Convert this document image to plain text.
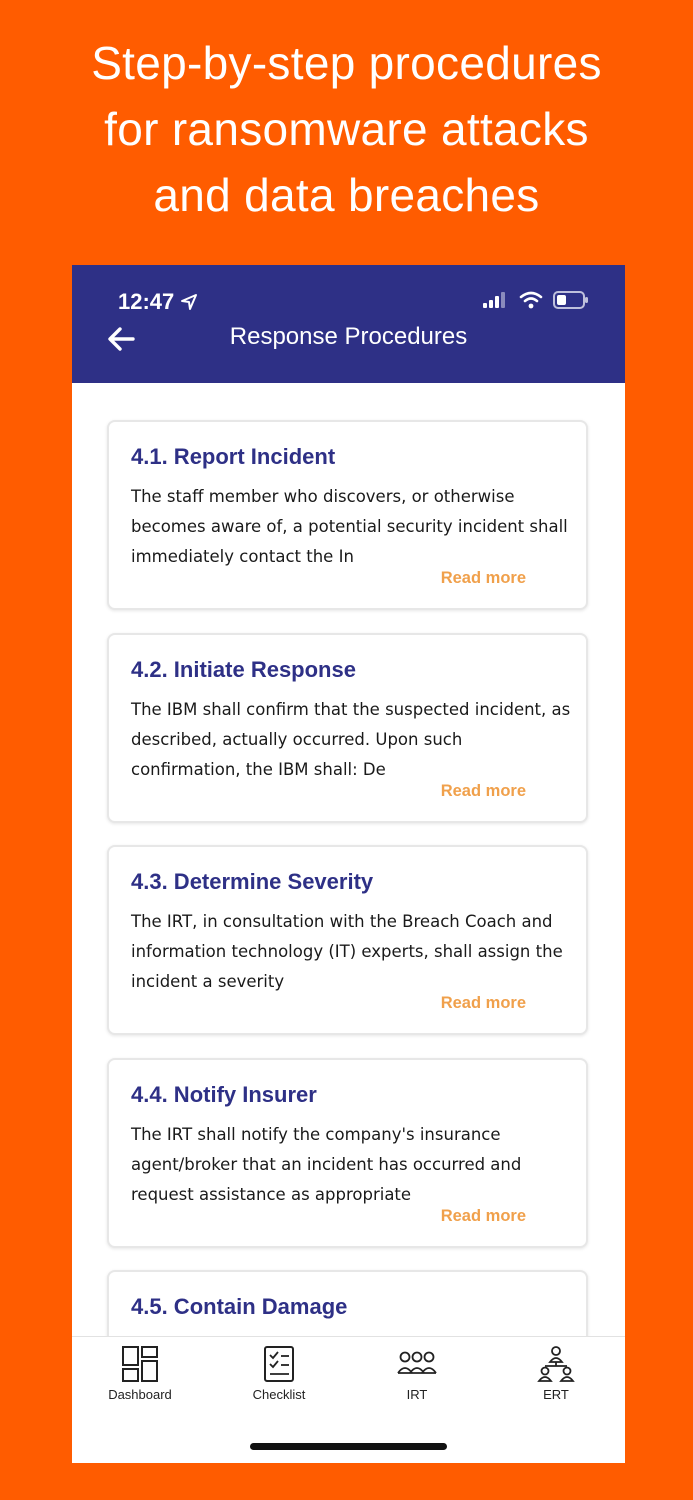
Step-by-step procedures
for ransomware attacks
and data breaches
12:47
Response Procedures
4.1. Report Incident
The staff member who discovers, or otherwise becomes aware of, a potential security incident shall immediately contact the In
Read more
4.2. Initiate Response
The IBM shall confirm that the suspected incident, as described, actually occurred. Upon such confirmation, the IBM shall: De
Read more
4.3. Determine Severity
The IRT, in consultation with the Breach Coach and information technology (IT) experts, shall assign the incident a severity
Read more
4.4. Notify Insurer
The IRT shall notify the company's insurance agent/broker that an incident has occurred and request assistance as appropriate
Read more
4.5. Contain Damage
Dashboard	Checklist	IRT	ERT
